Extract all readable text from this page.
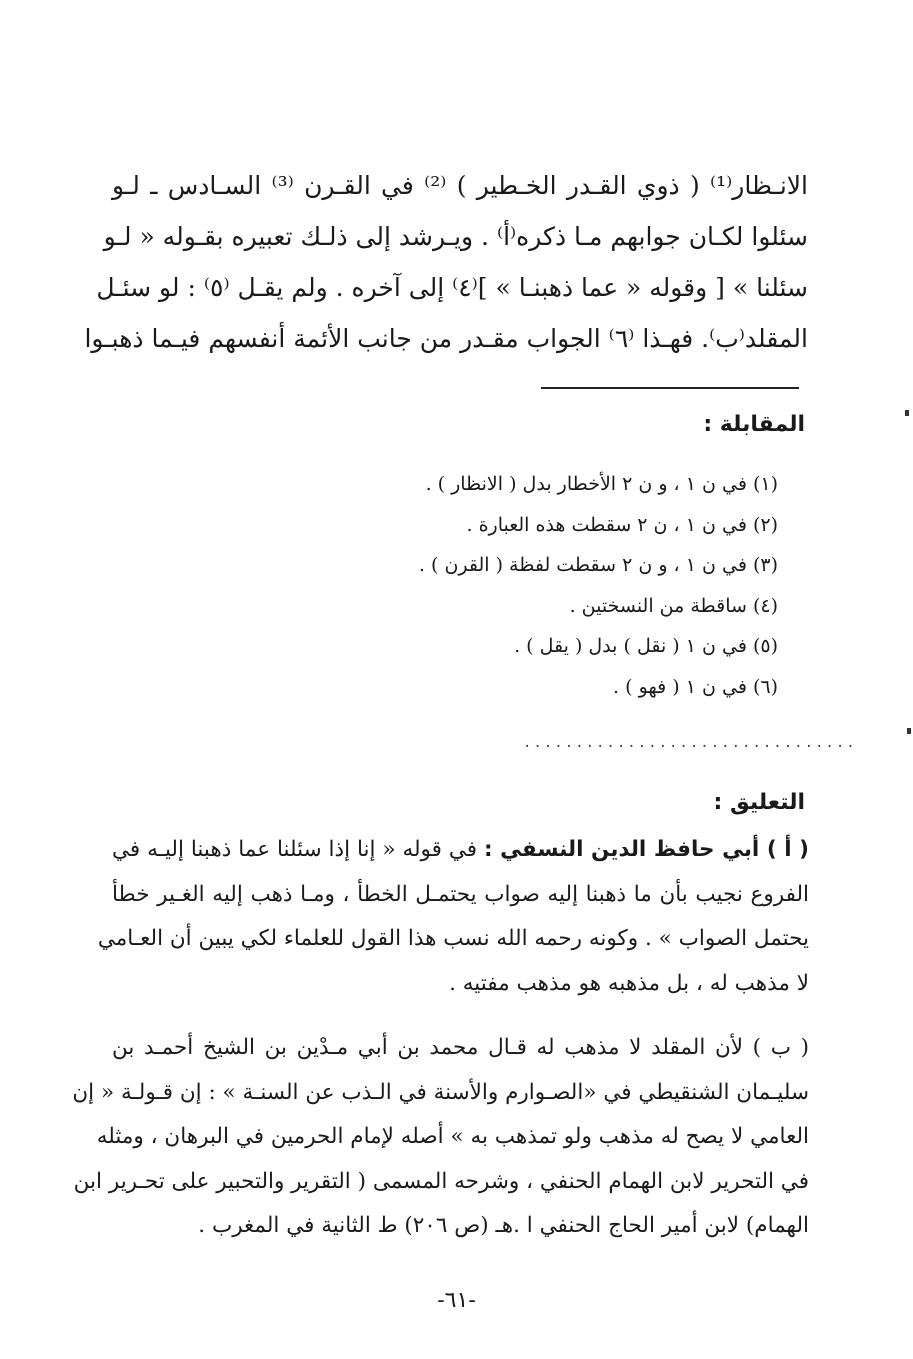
الانـظار⁽¹⁾ ( ذوي القـدر الخـطير ) ⁽²⁾ في القـرن ⁽³⁾ السـادس ـ لـو
سئلوا لكـان جوابهم مـا ذكره⁽أ⁾ . ويـرشد إلى ذلـك تعبيره بقـوله « لـو
سئلنا » [ وقوله « عما ذهبنـا » ]⁽٤⁾ إلى آخره . ولم يقـل ⁽٥⁾ : لو سئـل
المقلد⁽ب⁾. فهـذا ⁽٦⁾ الجواب مقـدر من جانب الأئمة أنفسهم فيـما ذهبـوا
المقابلة :
(١) في ن ١ ، و ن ٢ الأخطار بدل ( الانظار ) .
(٢) في ن ١ ، ن ٢ سقطت هذه العبارة .
(٣) في ن ١ ، و ن ٢ سقطت لفظة ( القرن ) .
(٤) ساقطة من النسختين .
(٥) في ن ١ ( نقل ) بدل ( يقل ) .
(٦) في ن ١ ( فهو ) .
................................
التعليق :
( أ ) أبي حافظ الدين النسفي : في قوله « إنا إذا سئلنا عما ذهبنا إليـه في
الفروع نجيب بأن ما ذهبنا إليه صواب يحتمـل الخطأ ، ومـا ذهب إليه الغـير خطأ
يحتمل الصواب » . وكونه رحمه الله نسب هذا القول للعلماء لكي يبين أن العـامي
لا مذهب له ، بل مذهبه هو مذهب مفتيه .
( ب ) لأن المقلد لا مذهب له قـال محمد بن أبي مـدْين بن الشيخ أحمـد بن
سليـمان الشنقيطي في «الصـوارم والأسنة في الـذب عن السنـة » : إن قـولـة « إن
العامي لا يصح له مذهب ولو تمذهب به » أصله لإمام الحرمين في البرهان ، ومثله
في التحرير لابن الهمام الحنفي ، وشرحه المسمى ( التقرير والتحبير على تحـرير ابن
الهمام) لابن أمير الحاج الحنفي ا .هـ (ص ٢٠٦) ط الثانية في المغرب .
-٦١-
